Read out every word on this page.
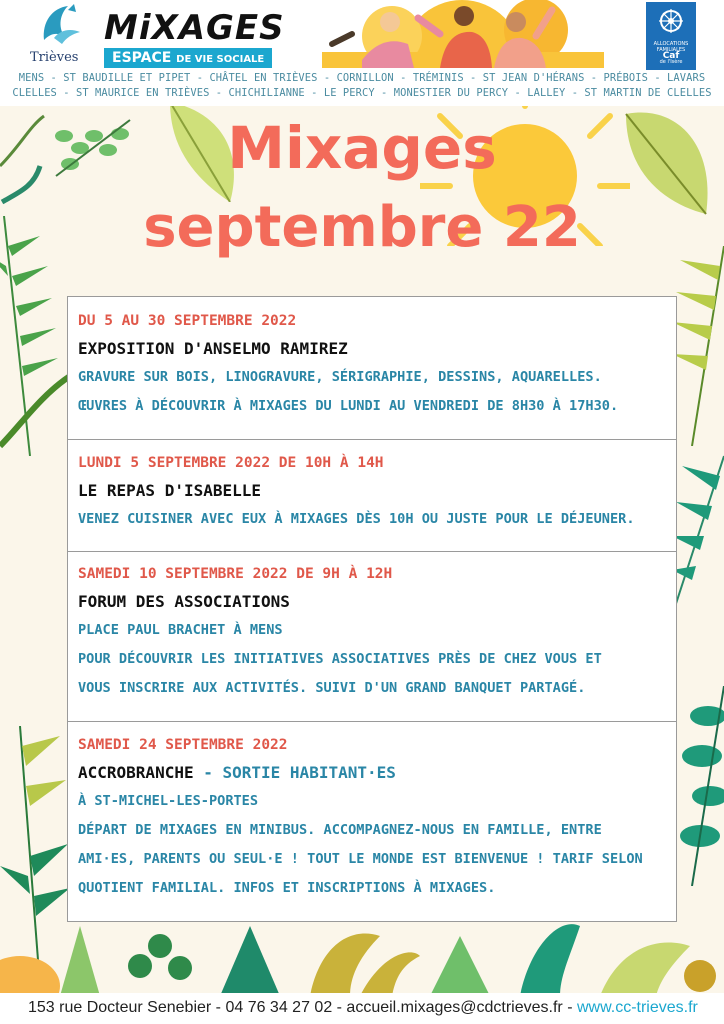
Trièves
MiXAGES
ESPACE DE VIE SOCIALE
ALLOCATIONS FAMILIALES
Caf
de l'Isère
MENS - ST BAUDILLE ET PIPET - CHÂTEL EN TRIÈVES - CORNILLON - TRÉMINIS - ST JEAN D'HÉRANS - PRÉBOIS - LAVARS
CLELLES - ST MAURICE EN TRIÈVES - CHICHILIANNE - LE PERCY - MONESTIER DU PERCY - LALLEY - ST MARTIN DE CLELLES
Mixages
septembre 22
DU 5 AU 30 SEPTEMBRE 2022
EXPOSITION D'ANSELMO RAMIREZ
GRAVURE SUR BOIS, LINOGRAVURE, SÉRIGRAPHIE, DESSINS, AQUARELLES.
ŒUVRES À DÉCOUVRIR À MIXAGES DU LUNDI AU VENDREDI DE 8H30 À 17H30.
LUNDI 5 SEPTEMBRE 2022 DE 10H À 14H
LE REPAS D'ISABELLE
VENEZ CUISINER AVEC EUX À MIXAGES DÈS 10H OU JUSTE POUR LE DÉJEUNER.
SAMEDI 10 SEPTEMBRE 2022 DE 9H À 12H
FORUM DES ASSOCIATIONS
PLACE PAUL BRACHET À MENS
POUR DÉCOUVRIR LES INITIATIVES ASSOCIATIVES PRÈS DE CHEZ VOUS ET
VOUS INSCRIRE AUX ACTIVITÉS. SUIVI D'UN GRAND BANQUET PARTAGÉ.
SAMEDI 24 SEPTEMBRE 2022
ACCROBRANCHE - SORTIE HABITANT·ES
À ST-MICHEL-LES-PORTES
DÉPART DE MIXAGES EN MINIBUS. ACCOMPAGNEZ-NOUS EN FAMILLE, ENTRE
AMI·ES, PARENTS OU SEUL·E ! TOUT LE MONDE EST BIENVENUE ! TARIF SELON
QUOTIENT FAMILIAL. INFOS ET INSCRIPTIONS À MIXAGES.
153 rue Docteur Senebier - 04 76 34 27 02 - accueil.mixages@cdctrieves.fr - www.cc-trieves.fr
